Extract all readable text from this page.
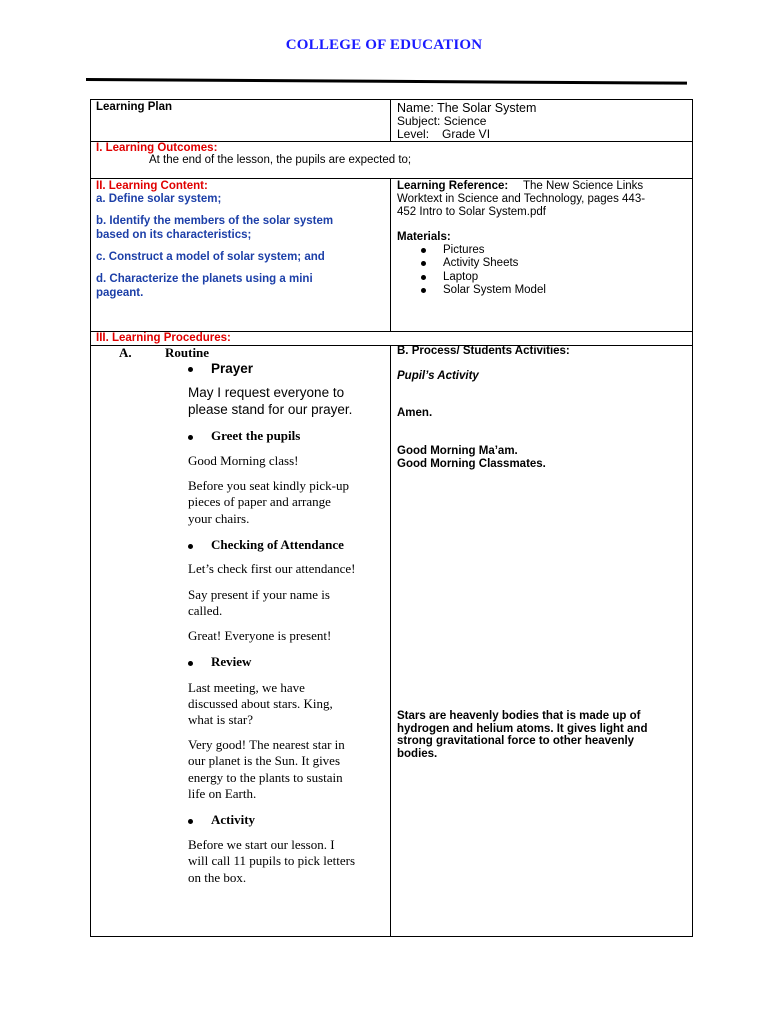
COLLEGE OF EDUCATION
Learning Plan	Name: The Solar System
Subject: Science
Level: Grade VI
I. Learning Outcomes:
At the end of the lesson, the pupils are expected to;
II. Learning Content:
a. Define solar system;
b. Identify the members of the solar system
based on its characteristics;
c. Construct a model of solar system; and
d. Characterize the planets using a mini
pageant.
Learning Reference: The New Science Links
Worktext in Science and Technology, pages 443-
452 Intro to Solar System.pdf
Materials:
Pictures
Activity Sheets
Laptop
Solar System Model
III. Learning Procedures:
A.	Routine
Prayer
May I request everyone to
please stand for our prayer.
Greet the pupils
Good Morning class!
Before you seat kindly pick-up
pieces of paper and arrange
your chairs.
Checking of Attendance
Let’s check first our attendance!
Say present if your name is
called.
Great! Everyone is present!
Review
Last meeting, we have
discussed about stars. King,
what is star?
Very good! The nearest star in
our planet is the Sun. It gives
energy to the plants to sustain
life on Earth.
Activity
Before we start our lesson. I
will call 11 pupils to pick letters
on the box.
B. Process/ Students Activities:
Pupil’s Activity
Amen.
Good Morning Ma’am.
Good Morning Classmates.
Stars are heavenly bodies that is made up of
hydrogen and helium atoms. It gives light and
strong gravitational force to other heavenly
bodies.
